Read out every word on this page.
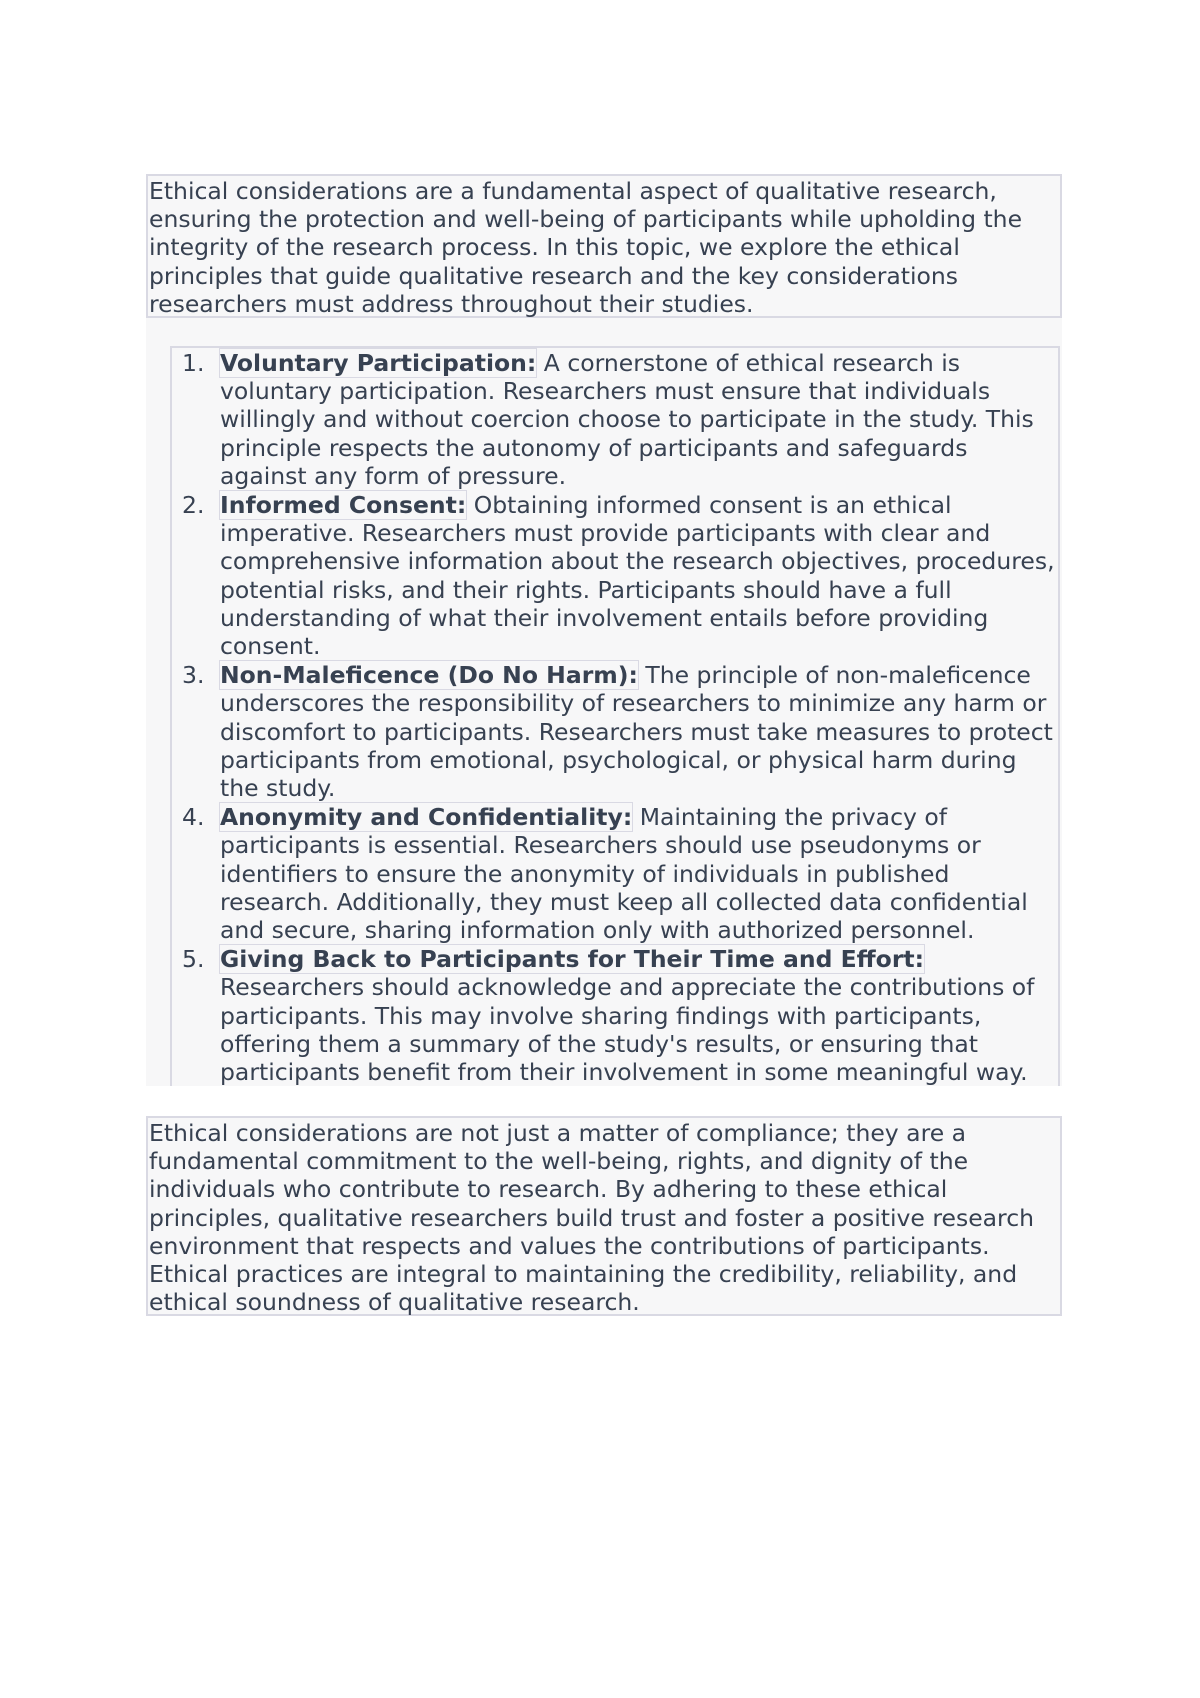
Ethical considerations are a fundamental aspect of qualitative research, ensuring the protection and well-being of participants while upholding the integrity of the research process. In this topic, we explore the ethical principles that guide qualitative research and the key considerations researchers must address throughout their studies.
1. Voluntary Participation: A cornerstone of ethical research is voluntary participation. Researchers must ensure that individuals willingly and without coercion choose to participate in the study. This principle respects the autonomy of participants and safeguards against any form of pressure.
2. Informed Consent: Obtaining informed consent is an ethical imperative. Researchers must provide participants with clear and comprehensive information about the research objectives, procedures, potential risks, and their rights. Participants should have a full understanding of what their involvement entails before providing consent.
3. Non-Maleficence (Do No Harm): The principle of non-maleficence underscores the responsibility of researchers to minimize any harm or discomfort to participants. Researchers must take measures to protect participants from emotional, psychological, or physical harm during the study.
4. Anonymity and Confidentiality: Maintaining the privacy of participants is essential. Researchers should use pseudonyms or identifiers to ensure the anonymity of individuals in published research. Additionally, they must keep all collected data confidential and secure, sharing information only with authorized personnel.
5. Giving Back to Participants for Their Time and Effort: Researchers should acknowledge and appreciate the contributions of participants. This may involve sharing findings with participants, offering them a summary of the study's results, or ensuring that participants benefit from their involvement in some meaningful way.
Ethical considerations are not just a matter of compliance; they are a fundamental commitment to the well-being, rights, and dignity of the individuals who contribute to research. By adhering to these ethical principles, qualitative researchers build trust and foster a positive research environment that respects and values the contributions of participants. Ethical practices are integral to maintaining the credibility, reliability, and ethical soundness of qualitative research.
